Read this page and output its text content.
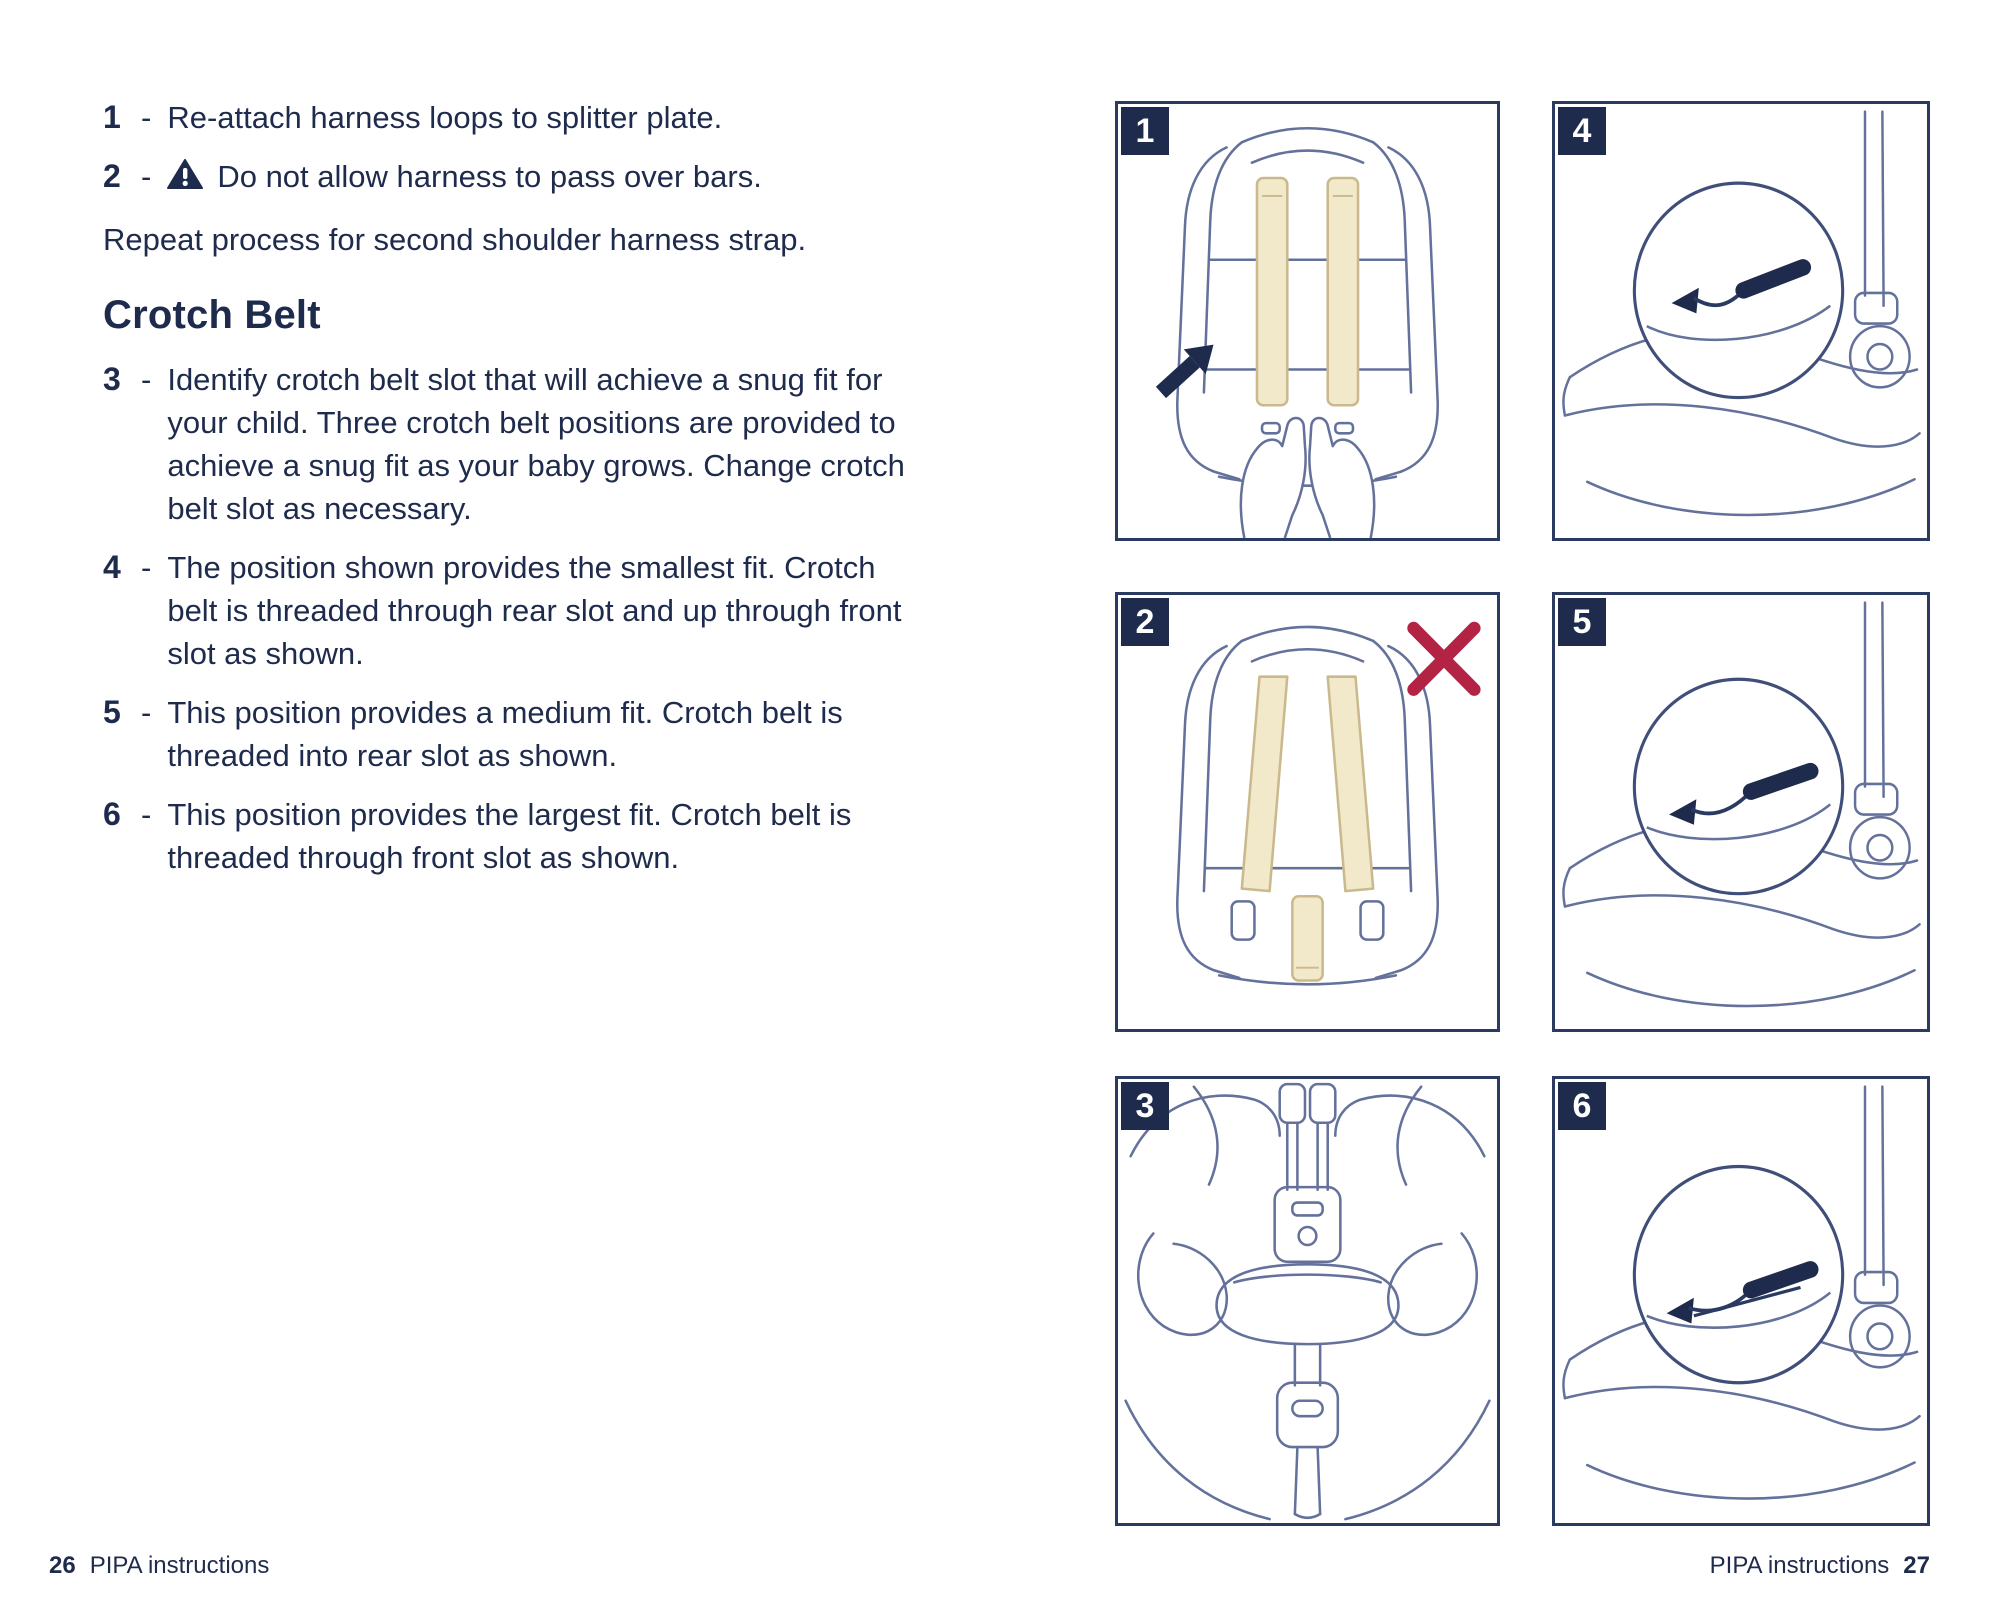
1 - Re-attach harness loops to splitter plate.
2 -	Do not allow harness to pass over bars.
Repeat process for second shoulder harness strap.
Crotch Belt
3 - Identify crotch belt slot that will achieve a snug fit for your child. Three crotch belt positions are provided to achieve a snug fit as your baby grows. Change crotch belt slot as necessary.
4 - The position shown provides the smallest fit. Crotch belt is threaded through rear slot and up through front slot as shown.
5 - This position provides a medium fit. Crotch belt is threaded into rear slot as shown.
6 - This position provides the largest fit. Crotch belt is threaded through front slot as shown.
1
2
3
4
5
6
26 PIPA instructions	PIPA instructions 27
